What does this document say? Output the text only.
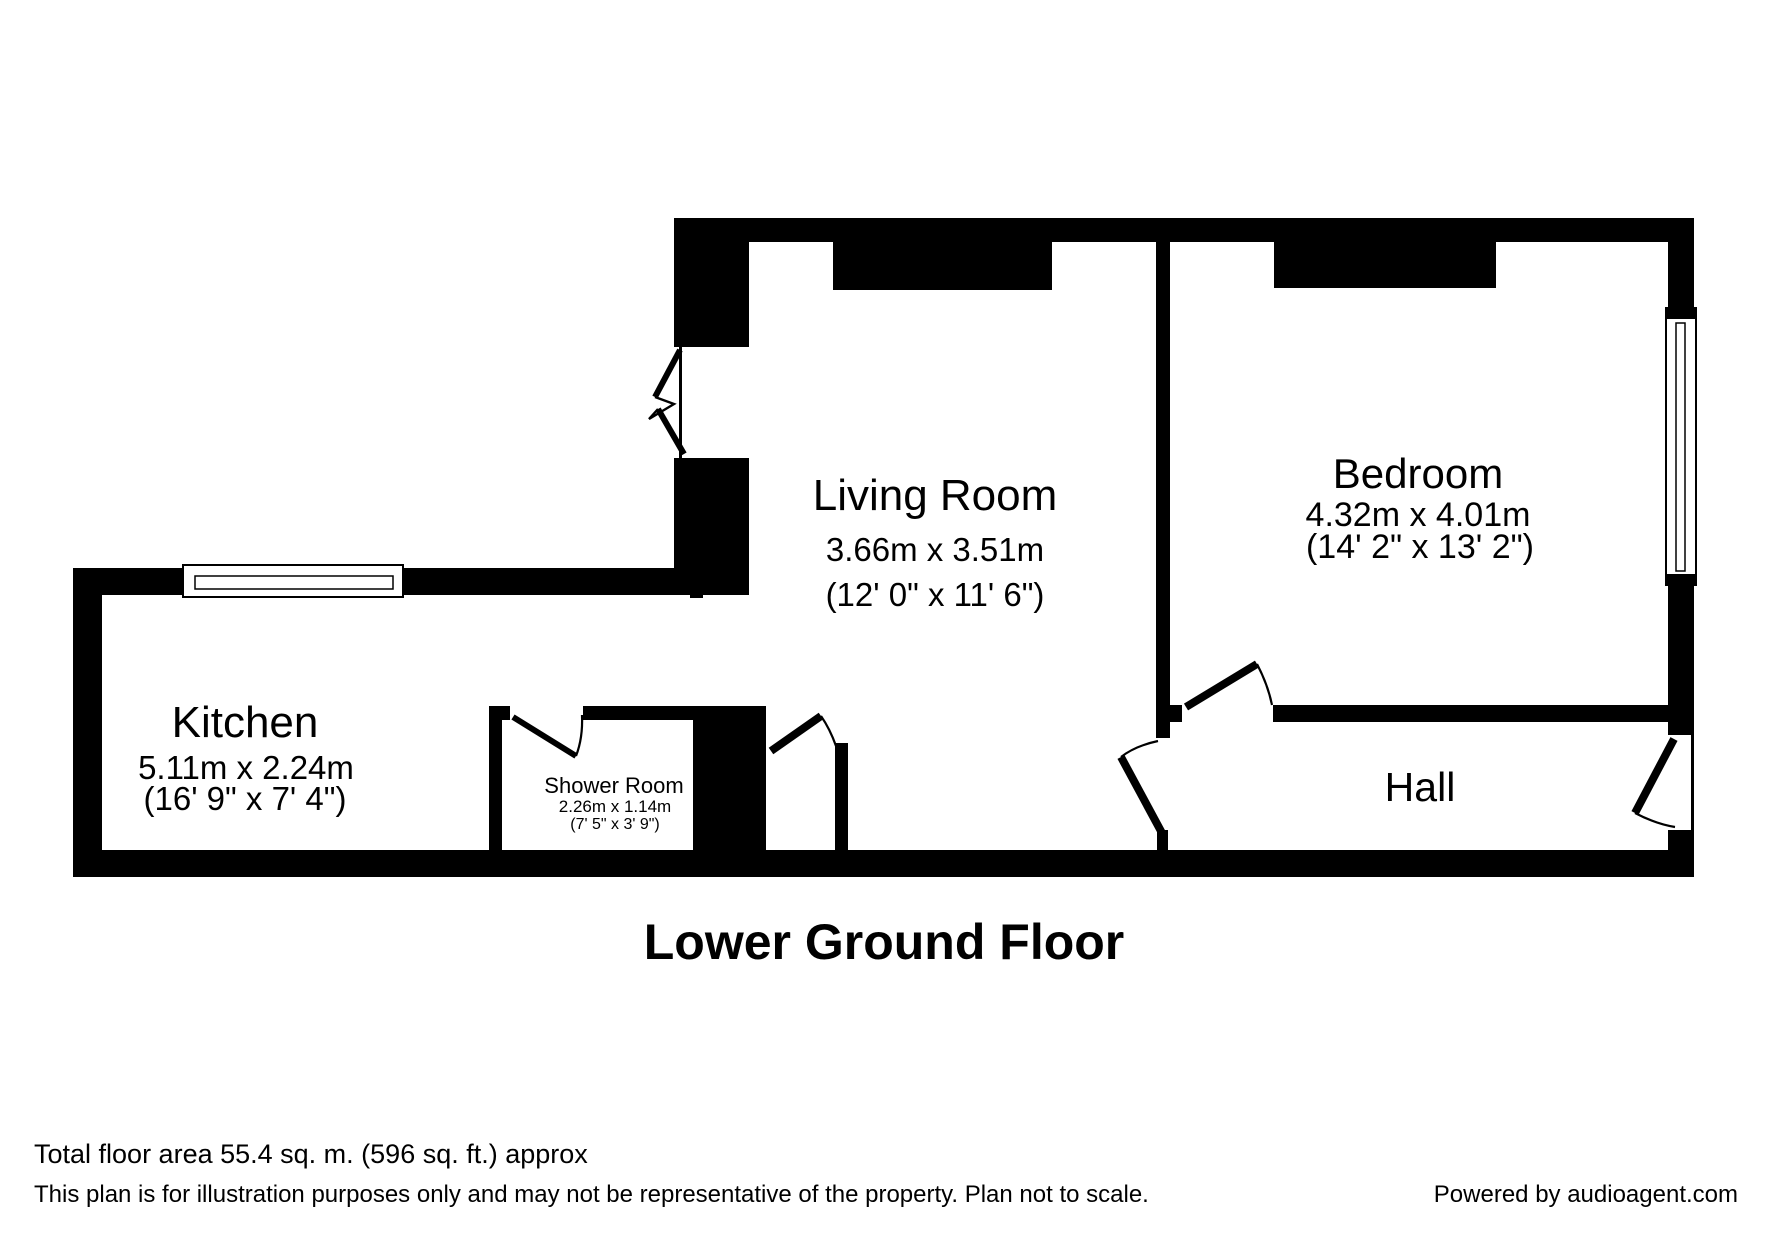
Living Room
3.66m x 3.51m
(12' 0" x 11' 6")
Bedroom
4.32m x 4.01m
(14' 2" x 13' 2")
Kitchen
5.11m x 2.24m
(16' 9" x 7' 4")	Shower Room
2.26m x 1.14m
(7' 5" x 3' 9")
Hall
Lower Ground Floor
Total floor area 55.4 sq. m. (596 sq. ft.) approx
This plan is for illustration purposes only and may not be representative of the property. Plan not to scale.	Powered by audioagent.com
